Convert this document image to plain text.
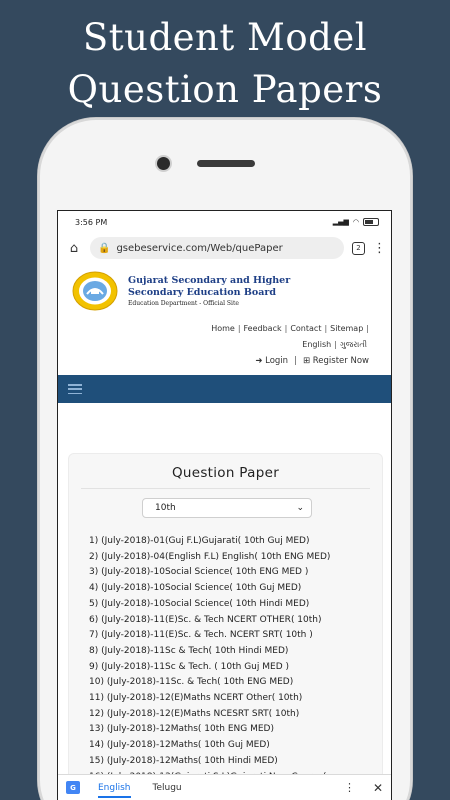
Student Model
Question Papers
3:56 PM	▂▄▆ ◠
⌂	🔒 gsebeservice.com/Web/quePaper	2 ⋮
Gujarat Secondary and Higher
Secondary Education Board
Education Department - Official Site
Home | Feedback | Contact | Sitemap |
English | ગુજરાતી
➜ Login | ⊞ Register Now
Question Paper
10th	⌄
1) (July-2018)-01(Guj F.L)Gujarati( 10th Guj MED)
2) (July-2018)-04(English F.L) English( 10th ENG MED)
3) (July-2018)-10Social Science( 10th ENG MED )
4) (July-2018)-10Social Science( 10th Guj MED)
5) (July-2018)-10Social Science( 10th Hindi MED)
6) (July-2018)-11(E)Sc. & Tech NCERT OTHER( 10th)
7) (July-2018)-11(E)Sc. & Tech. NCERT SRT( 10th )
8) (July-2018)-11Sc & Tech( 10th Hindi MED)
9) (July-2018)-11Sc & Tech. ( 10th Guj MED )
10) (July-2018)-11Sc. & Tech( 10th ENG MED)
11) (July-2018)-12(E)Maths NCERT Other( 10th)
12) (July-2018)-12(E)Maths NCESRT SRT( 10th)
13) (July-2018)-12Maths( 10th ENG MED)
14) (July-2018)-12Maths( 10th Guj MED)
15) (July-2018)-12Maths( 10th Hindi MED)
G	English Telugu	⋮ ✕
